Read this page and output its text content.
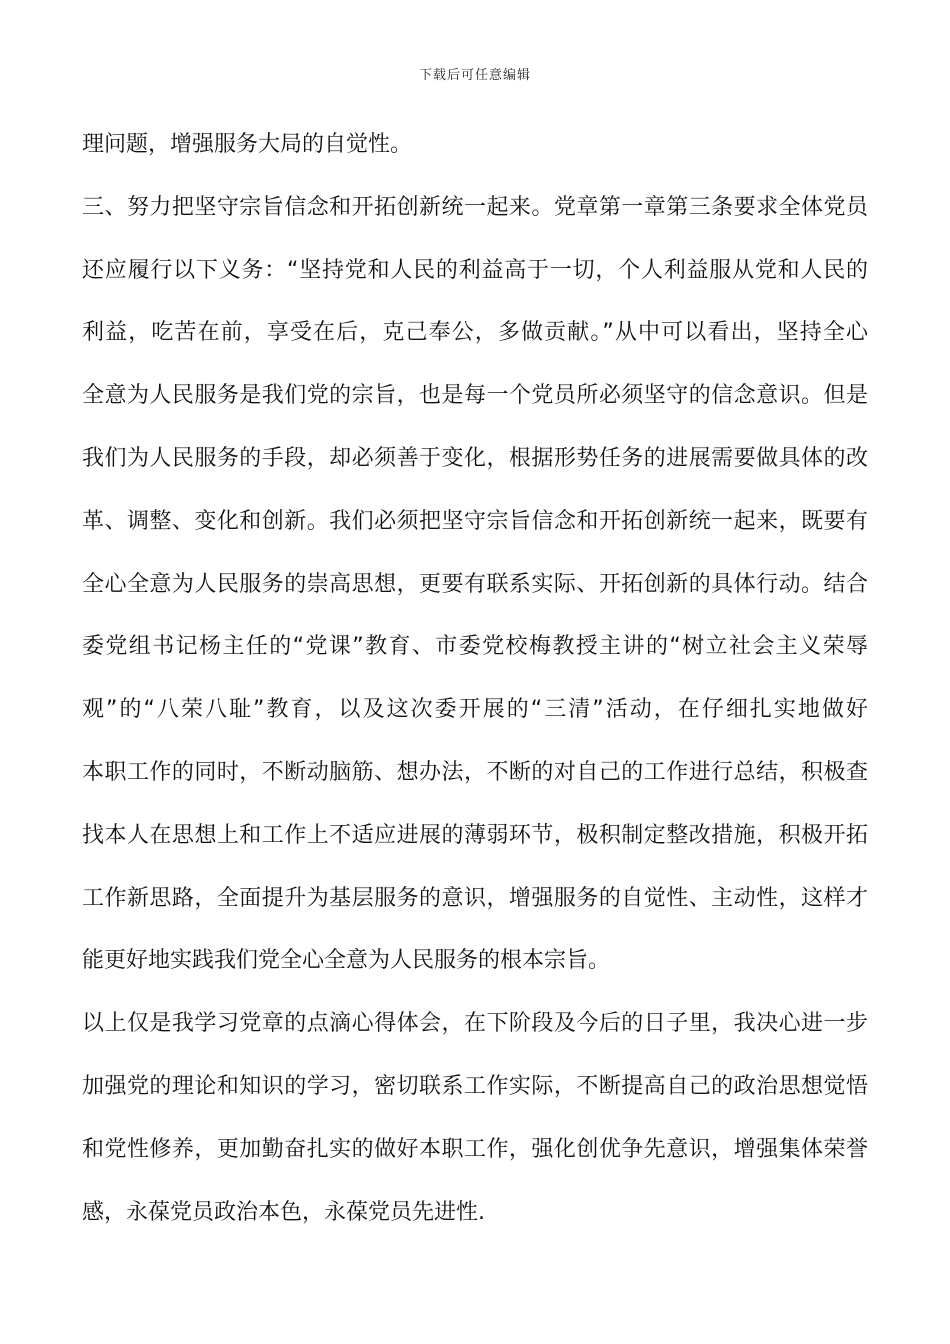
下载后可任意编辑
理问题，增强服务大局的自觉性。
三、努力把坚守宗旨信念和开拓创新统一起来。党章第一章第三条要求全体党员
还应履行以下义务：“坚持党和人民的利益高于一切，个人利益服从党和人民的
利益，吃苦在前，享受在后，克己奉公，多做贡献。”从中可以看出，坚持全心
全意为人民服务是我们党的宗旨，也是每一个党员所必须坚守的信念意识。但是
我们为人民服务的手段，却必须善于变化，根据形势任务的进展需要做具体的改
革、调整、变化和创新。我们必须把坚守宗旨信念和开拓创新统一起来，既要有
全心全意为人民服务的崇高思想，更要有联系实际、开拓创新的具体行动。结合
委党组书记杨主任的“党课”教育、市委党校梅教授主讲的“树立社会主义荣辱
观”的“八荣八耻”教育，以及这次委开展的“三清”活动，在仔细扎实地做好
本职工作的同时，不断动脑筋、想办法，不断的对自己的工作进行总结，积极查
找本人在思想上和工作上不适应进展的薄弱环节，极积制定整改措施，积极开拓
工作新思路，全面提升为基层服务的意识，增强服务的自觉性、主动性，这样才
能更好地实践我们党全心全意为人民服务的根本宗旨。
以上仅是我学习党章的点滴心得体会，在下阶段及今后的日子里，我决心进一步
加强党的理论和知识的学习，密切联系工作实际，不断提高自己的政治思想觉悟
和党性修养，更加勤奋扎实的做好本职工作，强化创优争先意识，增强集体荣誉
感，永葆党员政治本色，永葆党员先进性.
